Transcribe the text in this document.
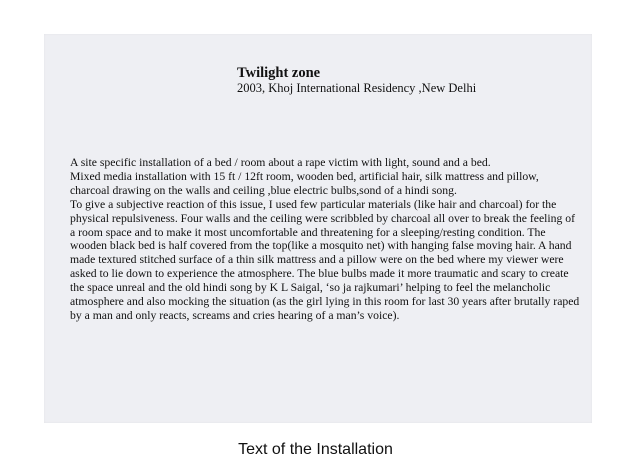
Twilight zone
2003, Khoj International Residency ,New Delhi

A site specific installation of a bed / room about a rape victim with light, sound and a bed.

Mixed media installation with 15 ft / 12ft room, wooden bed, artificial hair, silk mattress and pillow, charcoal drawing on the walls and ceiling ,blue electric bulbs,sond of a hindi song.

To give a subjective reaction of this issue, I used few particular materials (like hair and charcoal) for the physical repulsiveness. Four walls and the ceiling were scribbled by charcoal all over to break the feeling of a room space and to make it most uncomfortable and threatening for a sleeping/resting condition. The wooden black bed is half covered from the top(like a mosquito net) with hanging false moving hair. A hand made textured stitched surface of a thin silk mattress and a pillow were on the bed where my viewer were asked to lie down to experience the atmosphere. The blue bulbs made it more traumatic and scary to create the space unreal and the old hindi song by K L Saigal, ‘so ja rajkumari’ helping to feel the melancholic atmosphere and also mocking the situation (as the girl lying in this room for last 30 years after brutally raped by a man and only reacts, screams and cries hearing of a man’s voice).

Text of the Installation
